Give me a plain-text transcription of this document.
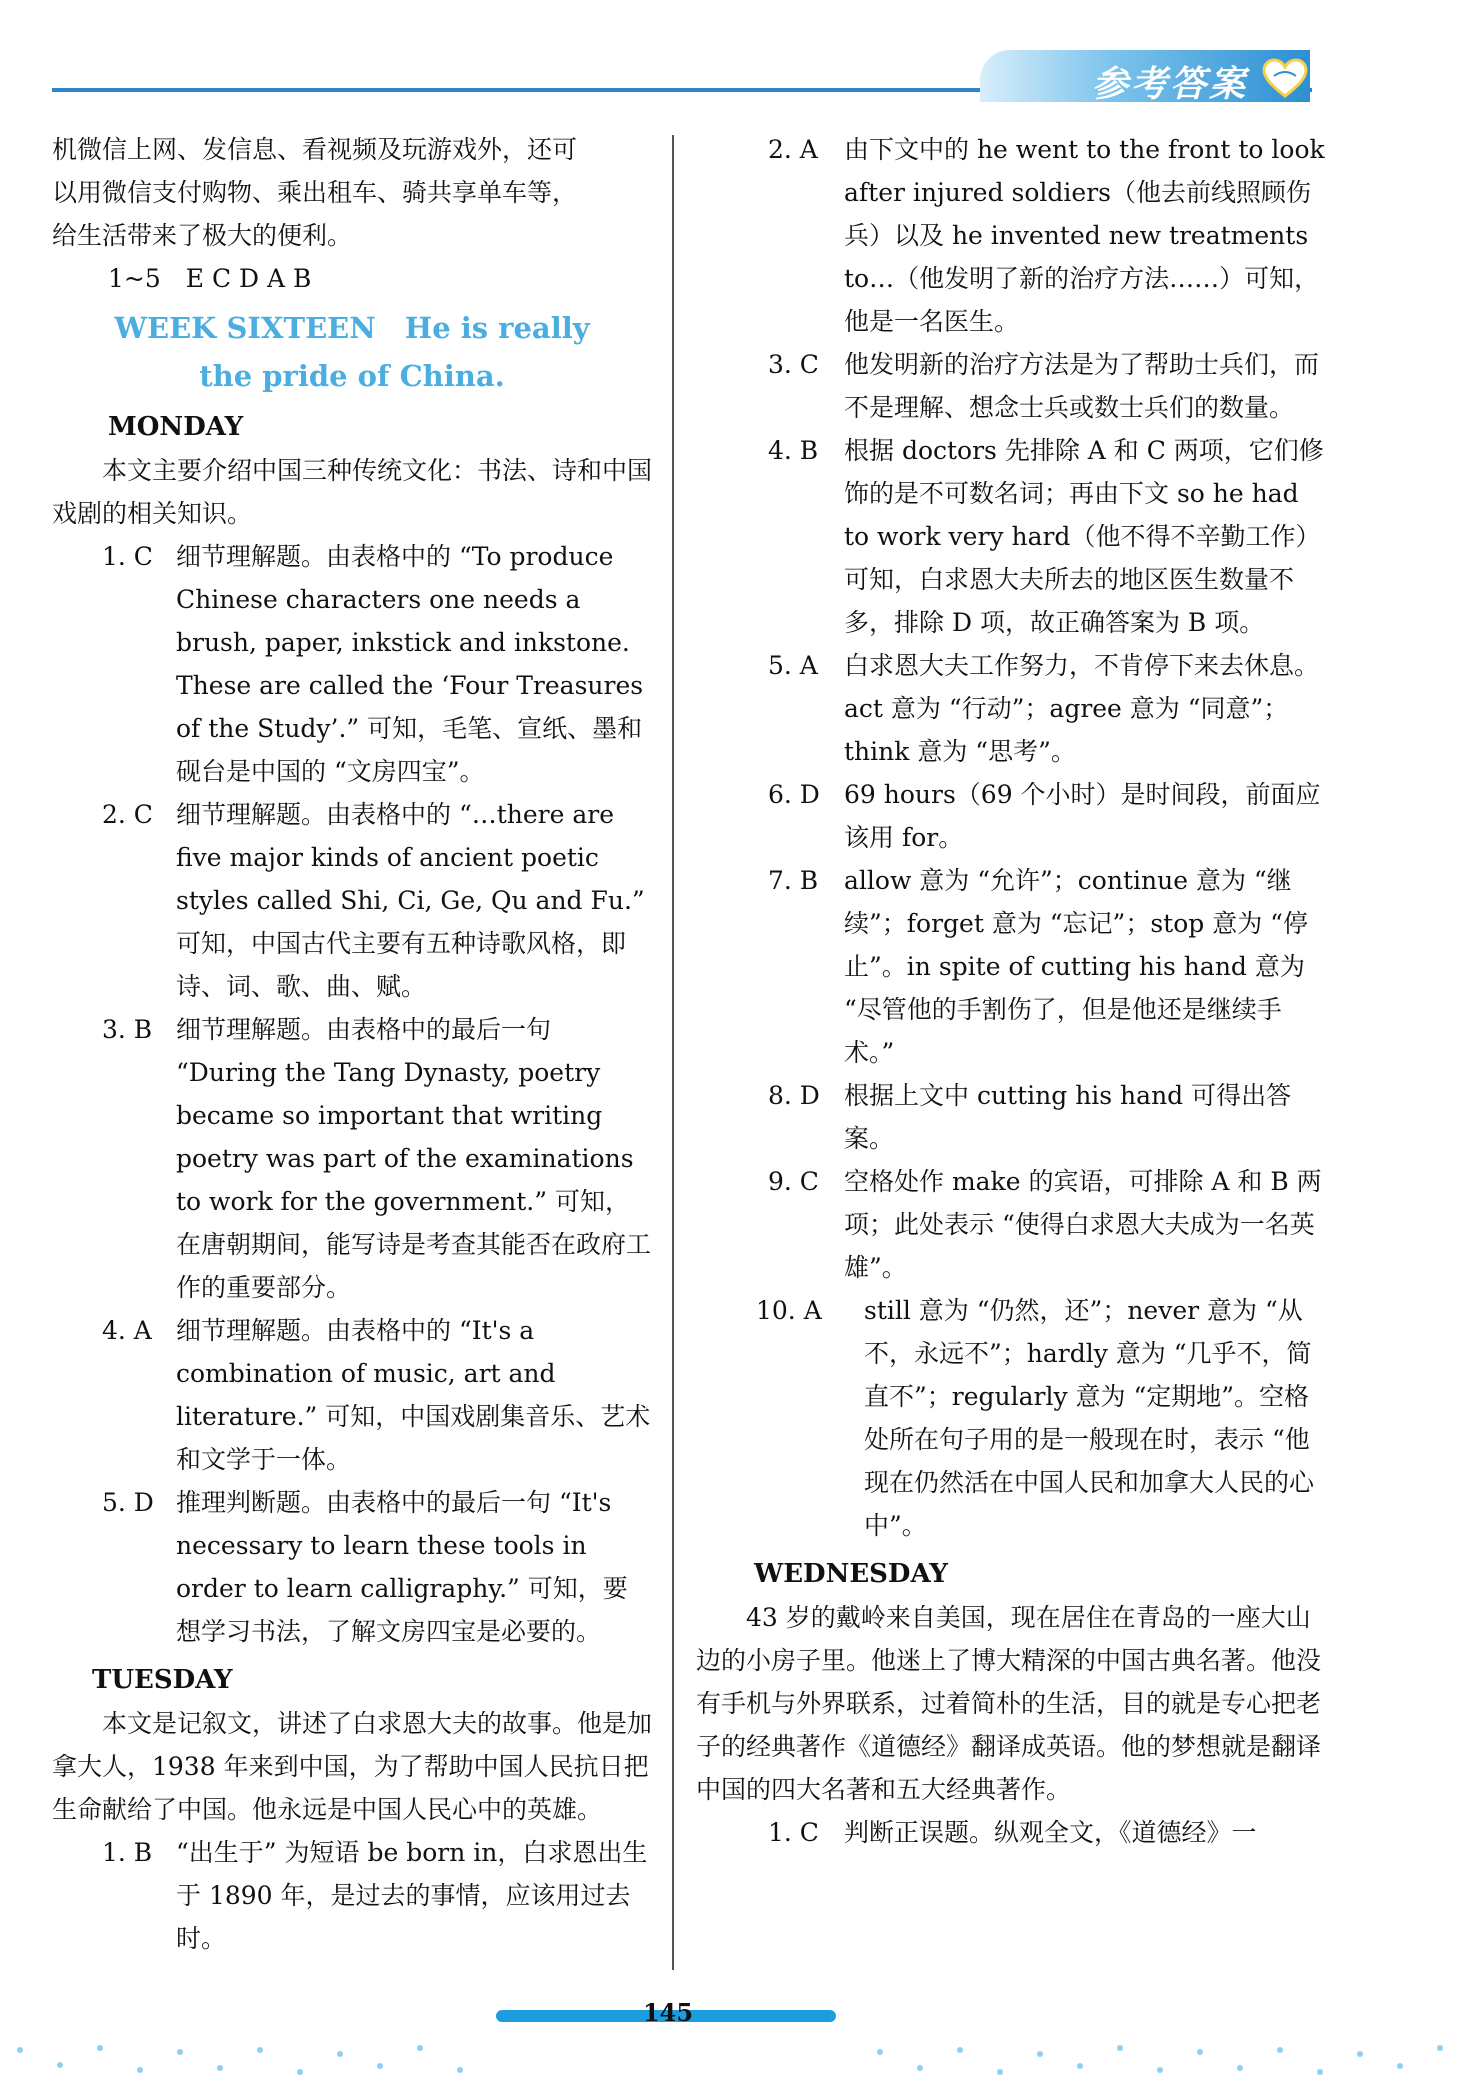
参考答案

机微信上网、发信息、看视频及玩游戏外，还可

以用微信支付购物、乘出租车、骑共享单车等，

给生活带来了极大的便利。

1~5　E C D A B

WEEK SIXTEEN　He is really
the pride of China.

MONDAY

本文主要介绍中国三种传统文化：书法、诗和中国戏剧的相关知识。

1. C 细节理解题。由表格中的 “To produce Chinese characters one needs a brush, paper, inkstick and inkstone. These are called the ‘Four Treasures of the Study’.” 可知，毛笔、宣纸、墨和砚台是中国的 “文房四宝”。
2. C 细节理解题。由表格中的 “…there are five major kinds of ancient poetic styles called Shi, Ci, Ge, Qu and Fu.” 可知，中国古代主要有五种诗歌风格，即诗、词、歌、曲、赋。
3. B 细节理解题。由表格中的最后一句 “During the Tang Dynasty, poetry became so important that writing poetry was part of the examinations to work for the government.” 可知，在唐朝期间，能写诗是考查其能否在政府工作的重要部分。
4. A 细节理解题。由表格中的 “It's a combination of music, art and literature.” 可知，中国戏剧集音乐、艺术和文学于一体。
5. D 推理判断题。由表格中的最后一句 “It's necessary to learn these tools in order to learn calligraphy.” 可知，要想学习书法，了解文房四宝是必要的。

TUESDAY

本文是记叙文，讲述了白求恩大夫的故事。他是加拿大人，1938 年来到中国，为了帮助中国人民抗日把生命献给了中国。他永远是中国人民心中的英雄。

1. B “出生于” 为短语 be born in，白求恩出生于 1890 年，是过去的事情，应该用过去时。
2. A	由下文中的 he went to the front to look after injured soldiers（他去前线照顾伤兵）以及 he invented new treatments to…（他发明了新的治疗方法……）可知，他是一名医生。
3. C	他发明新的治疗方法是为了帮助士兵们，而不是理解、想念士兵或数士兵们的数量。
4. B	根据 doctors 先排除 A 和 C 两项，它们修饰的是不可数名词；再由下文 so he had to work very hard（他不得不辛勤工作）可知，白求恩大夫所去的地区医生数量不多，排除 D 项，故正确答案为 B 项。
5. A	白求恩大夫工作努力，不肯停下来去休息。act 意为 “行动”；agree 意为 “同意”；think 意为 “思考”。
6. D 69 hours（69 个小时）是时间段，前面应该用 for。
7. B	allow 意为 “允许”；continue 意为 “继续”；forget 意为 “忘记”；stop 意为 “停止”。in spite of cutting his hand 意为 “尽管他的手割伤了，但是他还是继续手术。”
8. D 根据上文中 cutting his hand 可得出答案。
9. C	空格处作 make 的宾语，可排除 A 和 B 两项；此处表示 “使得白求恩大夫成为一名英雄”。
10. A	still 意为 “仍然，还”；never 意为 “从不，永远不”；hardly 意为 “几乎不，简直不”；regularly 意为 “定期地”。空格处所在句子用的是一般现在时，表示 “他现在仍然活在中国人民和加拿大人民的心中”。

WEDNESDAY

43 岁的戴岭来自美国，现在居住在青岛的一座大山边的小房子里。他迷上了博大精深的中国古典名著。他没有手机与外界联系，过着简朴的生活，目的就是专心把老子的经典著作《道德经》翻译成英语。他的梦想就是翻译中国的四大名著和五大经典著作。

1. C	判断正误题。纵观全文，《道德经》一
145
